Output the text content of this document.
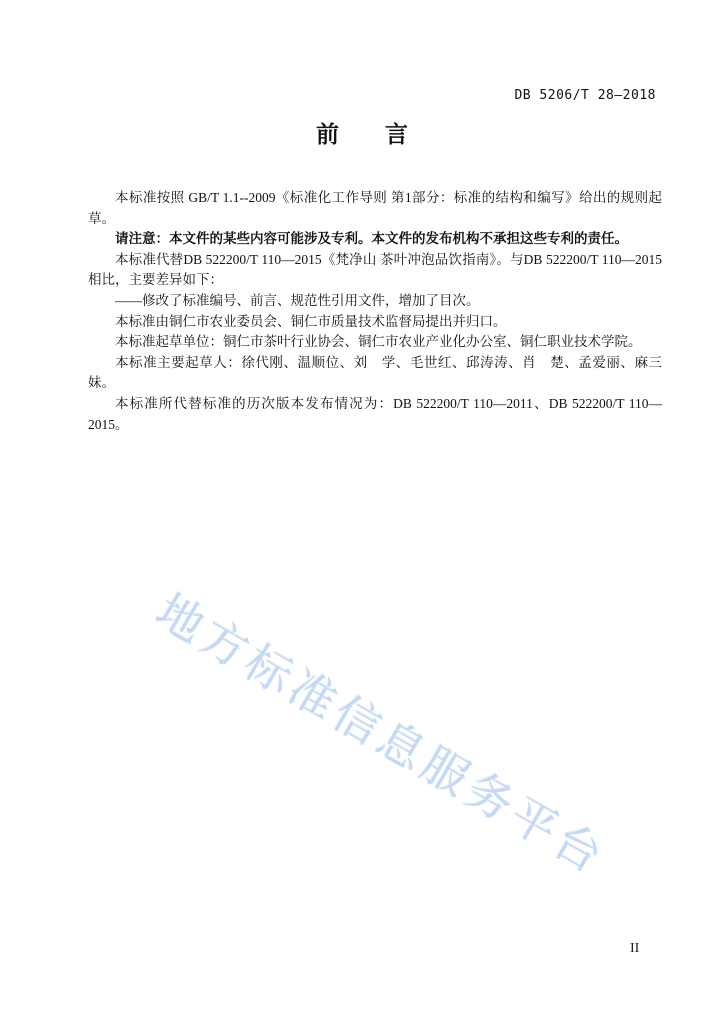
DB 5206/T 28—2018
前　　言

本标准按照 GB/T 1.1--2009《标准化工作导则 第1部分：标准的结构和编写》给出的规则起草。

请注意：本文件的某些内容可能涉及专利。本文件的发布机构不承担这些专利的责任。

本标准代替DB 522200/T 110—2015《梵净山 茶叶冲泡品饮指南》。与DB 522200/T 110—2015相比，主要差异如下：

——修改了标准编号、前言、规范性引用文件，增加了目次。

本标准由铜仁市农业委员会、铜仁市质量技术监督局提出并归口。

本标准起草单位：铜仁市茶叶行业协会、铜仁市农业产业化办公室、铜仁职业技术学院。

本标准主要起草人：徐代刚、温顺位、刘　学、毛世红、邱涛涛、肖　楚、孟爱丽、麻三妹。

本标准所代替标准的历次版本发布情况为：DB 522200/T 110—2011、DB 522200/T 110—2015。

地方标准信息服务平台
II
